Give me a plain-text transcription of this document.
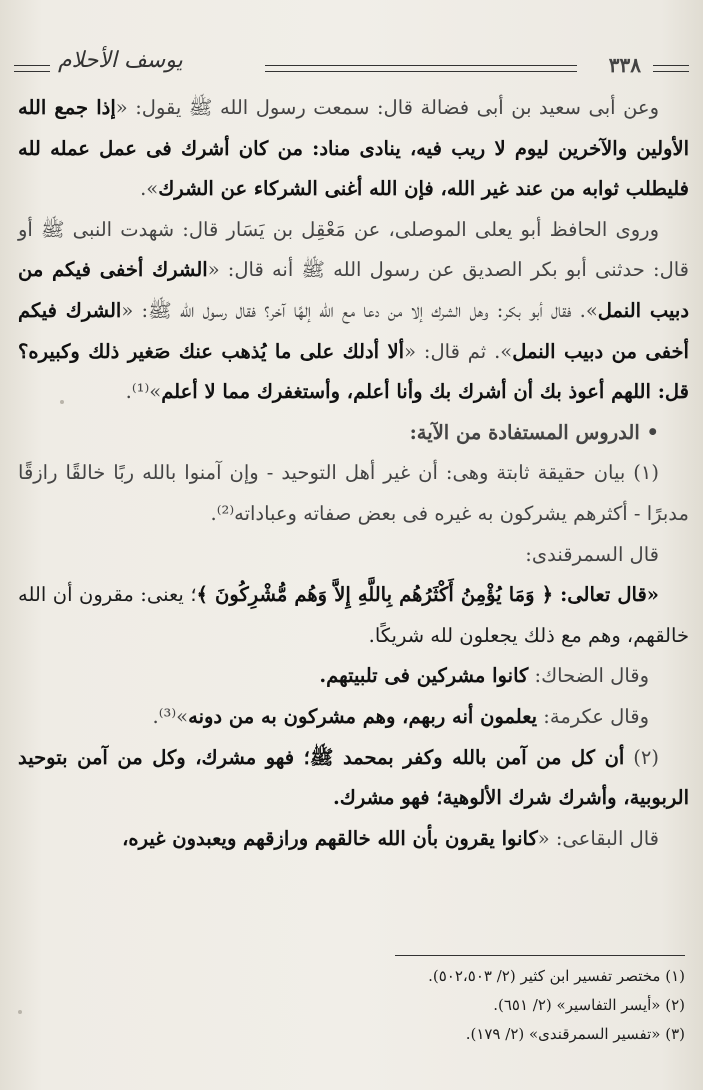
٣٣٨
يوسف الأحلام

وعن أبى سعيد بن أبى فضالة قال: سمعت رسول الله ﷺ يقول: «إذا جمع الله الأولين والآخرين ليوم لا ريب فيه، ينادى مناد: من كان أشرك فى عمل عمله لله فليطلب ثوابه من عند غير الله، فإن الله أغنى الشركاء عن الشرك».

وروى الحافظ أبو يعلى الموصلى، عن مَعْقِل بن يَسَار قال: شهدت النبى ﷺ أو قال: حدثنى أبو بكر الصديق عن رسول الله ﷺ أنه قال: «الشرك أخفى فيكم من دبيب النمل». فقال أبو بكر: وهل الشرك إلا من دعا مع الله إلهًا آخر؟ فقال رسول الله ﷺ: «الشرك فيكم أخفى من دبيب النمل». ثم قال: «ألا أدلك على ما يُذهب عنك صَغير ذلك وكبيره؟ قل: اللهم أعوذ بك أن أشرك بك وأنا أعلم، وأستغفرك مما لا أعلم»⁽¹⁾.

• الدروس المستفادة من الآية:

(١) بيان حقيقة ثابتة وهى: أن غير أهل التوحيد - وإن آمنوا بالله ربًا خالقًا رازقًا مدبرًا - أكثرهم يشركون به غيره فى بعض صفاته وعباداته⁽²⁾.

قال السمرقندى:

«قال تعالى: ﴿ وَمَا يُؤْمِنُ أَكْثَرُهُم بِاللَّهِ إِلاَّ وَهُم مُّشْرِكُونَ ﴾؛ يعنى: مقرون أن الله خالقهم، وهم مع ذلك يجعلون لله شريكًا.

وقال الضحاك: كانوا مشركين فى تلبيتهم.

وقال عكرمة: يعلمون أنه ربهم، وهم مشركون به من دونه»⁽³⁾.

(٢) أن كل من آمن بالله وكفر بمحمد ﷺ؛ فهو مشرك، وكل من آمن بتوحيد الربوبية، وأشرك شرك الألوهية؛ فهو مشرك.

قال البقاعى: «كانوا يقرون بأن الله خالقهم ورازقهم ويعبدون غيره،

(١) مختصر تفسير ابن كثير (٢/ ٥٠٢،٥٠٣).
(٢) «أيسر التفاسير» (٢/ ٦٥١).
(٣) «تفسير السمرقندى» (٢/ ١٧٩).
